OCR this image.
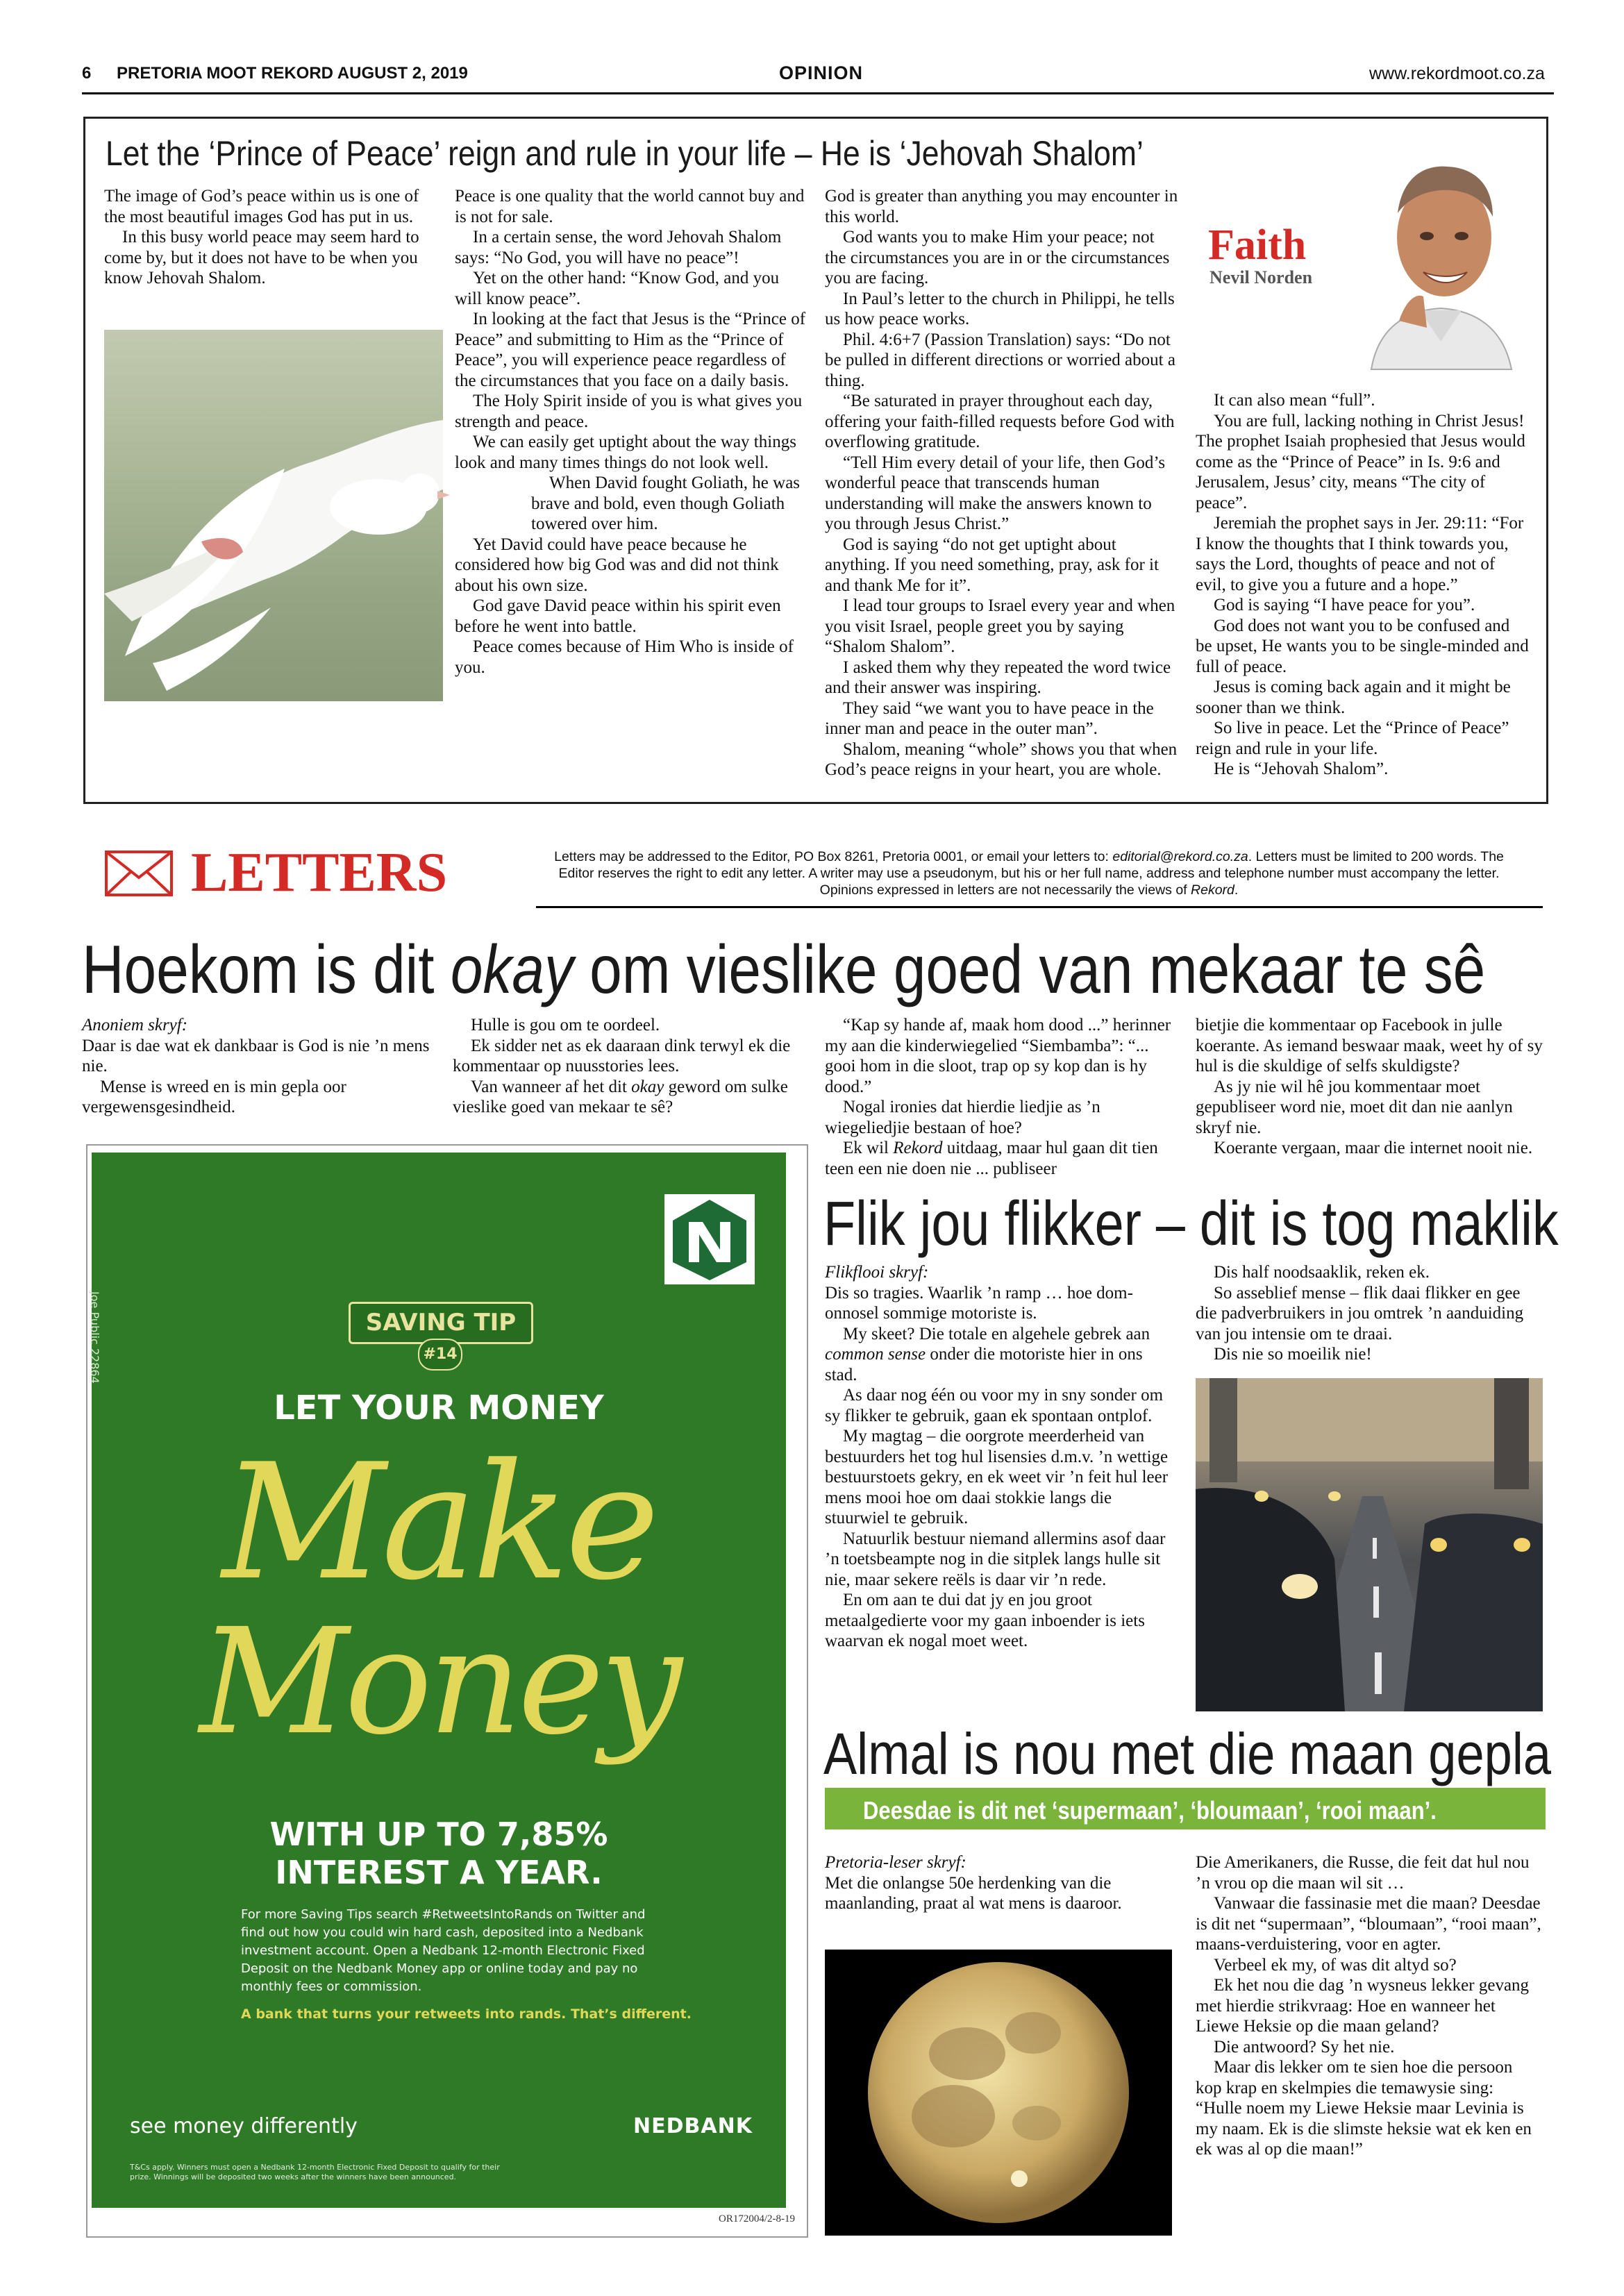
6 PRETORIA MOOT REKORD AUGUST 2, 2019	OPINION	www.rekordmoot.co.za
Let the ‘Prince of Peace’ reign and rule in your life – He is ‘Jehovah Shalom’

The image of God’s peace within us is one of the most beautiful images God has put in us.

In this busy world peace may seem hard to come by, but it does not have to be when you know Jehovah Shalom.

Peace is one quality that the world cannot buy and is not for sale.

In a certain sense, the word Jehovah Shalom says: “No God, you will have no peace”!

Yet on the other hand: “Know God, and you will know peace”.

In looking at the fact that Jesus is the “Prince of Peace” and submitting to Him as the “Prince of Peace”, you will experience peace regardless of the circumstances that you face on a daily basis.

The Holy Spirit inside of you is what gives you strength and peace.

We can easily get uptight about the way things look and many times things do not look well.

When David fought Goliath, he was brave and bold, even though Goliath towered over him.

Yet David could have peace because he considered how big God was and did not think about his own size.

God gave David peace within his spirit even before he went into battle.

Peace comes because of Him Who is inside of you.

God is greater than anything you may encounter in this world.

God wants you to make Him your peace; not the circumstances you are in or the circumstances you are facing.

In Paul’s letter to the church in Philippi, he tells us how peace works.

Phil. 4:6+7 (Passion Translation) says: “Do not be pulled in different directions or worried about a thing.

“Be saturated in prayer throughout each day, offering your faith-filled requests before God with overflowing gratitude.

“Tell Him every detail of your life, then God’s wonderful peace that transcends human understanding will make the answers known to you through Jesus Christ.”

God is saying “do not get uptight about anything. If you need something, pray, ask for it and thank Me for it”.

I lead tour groups to Israel every year and when you visit Israel, people greet you by saying “Shalom Shalom”.

I asked them why they repeated the word twice and their answer was inspiring.

They said “we want you to have peace in the inner man and peace in the outer man”.

Shalom, meaning “whole” shows you that when God’s peace reigns in your heart, you are whole.

Faith
Nevil Norden

It can also mean “full”.

You are full, lacking nothing in Christ Jesus! The prophet Isaiah prophesied that Jesus would come as the “Prince of Peace” in Is. 9:6 and Jerusalem, Jesus’ city, means “The city of peace”.

Jeremiah the prophet says in Jer. 29:11: “For I know the thoughts that I think towards you, says the Lord, thoughts of peace and not of evil, to give you a future and a hope.”

God is saying “I have peace for you”.

God does not want you to be confused and be upset, He wants you to be single-minded and full of peace.

Jesus is coming back again and it might be sooner than we think.

So live in peace. Let the “Prince of Peace” reign and rule in your life.

He is “Jehovah Shalom”.

LETTERS	Letters may be addressed to the Editor, PO Box 8261, Pretoria 0001, or email your letters to: editorial@rekord.co.za. Letters must be limited to 200 words. The Editor reserves the right to edit any letter. A writer may use a pseudonym, but his or her full name, address and telephone number must accompany the letter. Opinions expressed in letters are not necessarily the views of Rekord.
Hoekom is dit okay om vieslike goed van mekaar te sê

Anoniem skryf:

Daar is dae wat ek dankbaar is God is nie ’n mens nie.

Mense is wreed en is min gepla oor vergewensgesindheid.

Hulle is gou om te oordeel.

Ek sidder net as ek daaraan dink terwyl ek die kommentaar op nuusstories lees.

Van wanneer af het dit okay geword om sulke vieslike goed van mekaar te sê?

“Kap sy hande af, maak hom dood ...” herinner my aan die kinderwiegelied “Siembamba”: “... gooi hom in die sloot, trap op sy kop dan is hy dood.”

Nogal ironies dat hierdie liedjie as ’n wiegeliedjie bestaan of hoe?

Ek wil Rekord uitdaag, maar hul gaan dit tien teen een nie doen nie ... publiseer

bietjie die kommentaar op Facebook in julle koerante. As iemand beswaar maak, weet hy of sy hul is die skuldige of selfs skuldigste?

As jy nie wil hê jou kommentaar moet gepubliseer word nie, moet dit dan nie aanlyn skryf nie.

Koerante vergaan, maar die internet nooit nie.

Joe Public 22864	SAVING TIP
#14
LET YOUR MONEY
Make
Money
WITH UP TO 7,85%
INTEREST A YEAR.
For more Saving Tips search #RetweetsIntoRands on Twitter and find out how you could win hard cash, deposited into a Nedbank investment account. Open a Nedbank 12-month Electronic Fixed Deposit on the Nedbank Money app or online today and pay no monthly fees or commission.
A bank that turns your retweets into rands. That’s different.
see money differently	NEDBANK
T&Cs apply. Winners must open a Nedbank 12-month Electronic Fixed Deposit to qualify for their prize. Winnings will be deposited two weeks after the winners have been announced.
OR172004/2-8-19
Flik jou flikker – dit is tog maklik

Flikflooi skryf:

Dis so tragies. Waarlik ’n ramp … hoe dom-onnosel sommige motoriste is.

My skeet? Die totale en algehele gebrek aan common sense onder die motoriste hier in ons stad.

As daar nog één ou voor my in sny sonder om sy flikker te gebruik, gaan ek spontaan ontplof.

My magtag – die oorgrote meerderheid van bestuurders het tog hul lisensies d.m.v. ’n wettige bestuurstoets gekry, en ek weet vir ’n feit hul leer mens mooi hoe om daai stokkie langs die stuurwiel te gebruik.

Natuurlik bestuur niemand allermins asof daar ’n toetsbeampte nog in die sitplek langs hulle sit nie, maar sekere reëls is daar vir ’n rede.

En om aan te dui dat jy en jou groot metaalgedierte voor my gaan inboender is iets waarvan ek nogal moet weet.

Dis half noodsaaklik, reken ek.

So asseblief mense – flik daai flikker en gee die padverbruikers in jou omtrek ’n aanduiding van jou intensie om te draai.

Dis nie so moeilik nie!

Almal is nou met die maan gepla
Deesdae is dit net ‘supermaan’, ‘bloumaan’, ‘rooi maan’.

Pretoria-leser skryf:

Met die onlangse 50e herdenking van die maanlanding, praat al wat mens is daaroor.

Die Amerikaners, die Russe, die feit dat hul nou ’n vrou op die maan wil sit …

Vanwaar die fassinasie met die maan? Deesdae is dit net “supermaan”, “bloumaan”, “rooi maan”, maans-verduistering, voor en agter.

Verbeel ek my, of was dit altyd so?

Ek het nou die dag ’n wysneus lekker gevang met hierdie strikvraag: Hoe en wanneer het Liewe Heksie op die maan geland?

Die antwoord? Sy het nie.

Maar dis lekker om te sien hoe die persoon kop krap en skelmpies die temawysie sing: “Hulle noem my Liewe Heksie maar Levinia is my naam. Ek is die slimste heksie wat ek ken en ek was al op die maan!”
